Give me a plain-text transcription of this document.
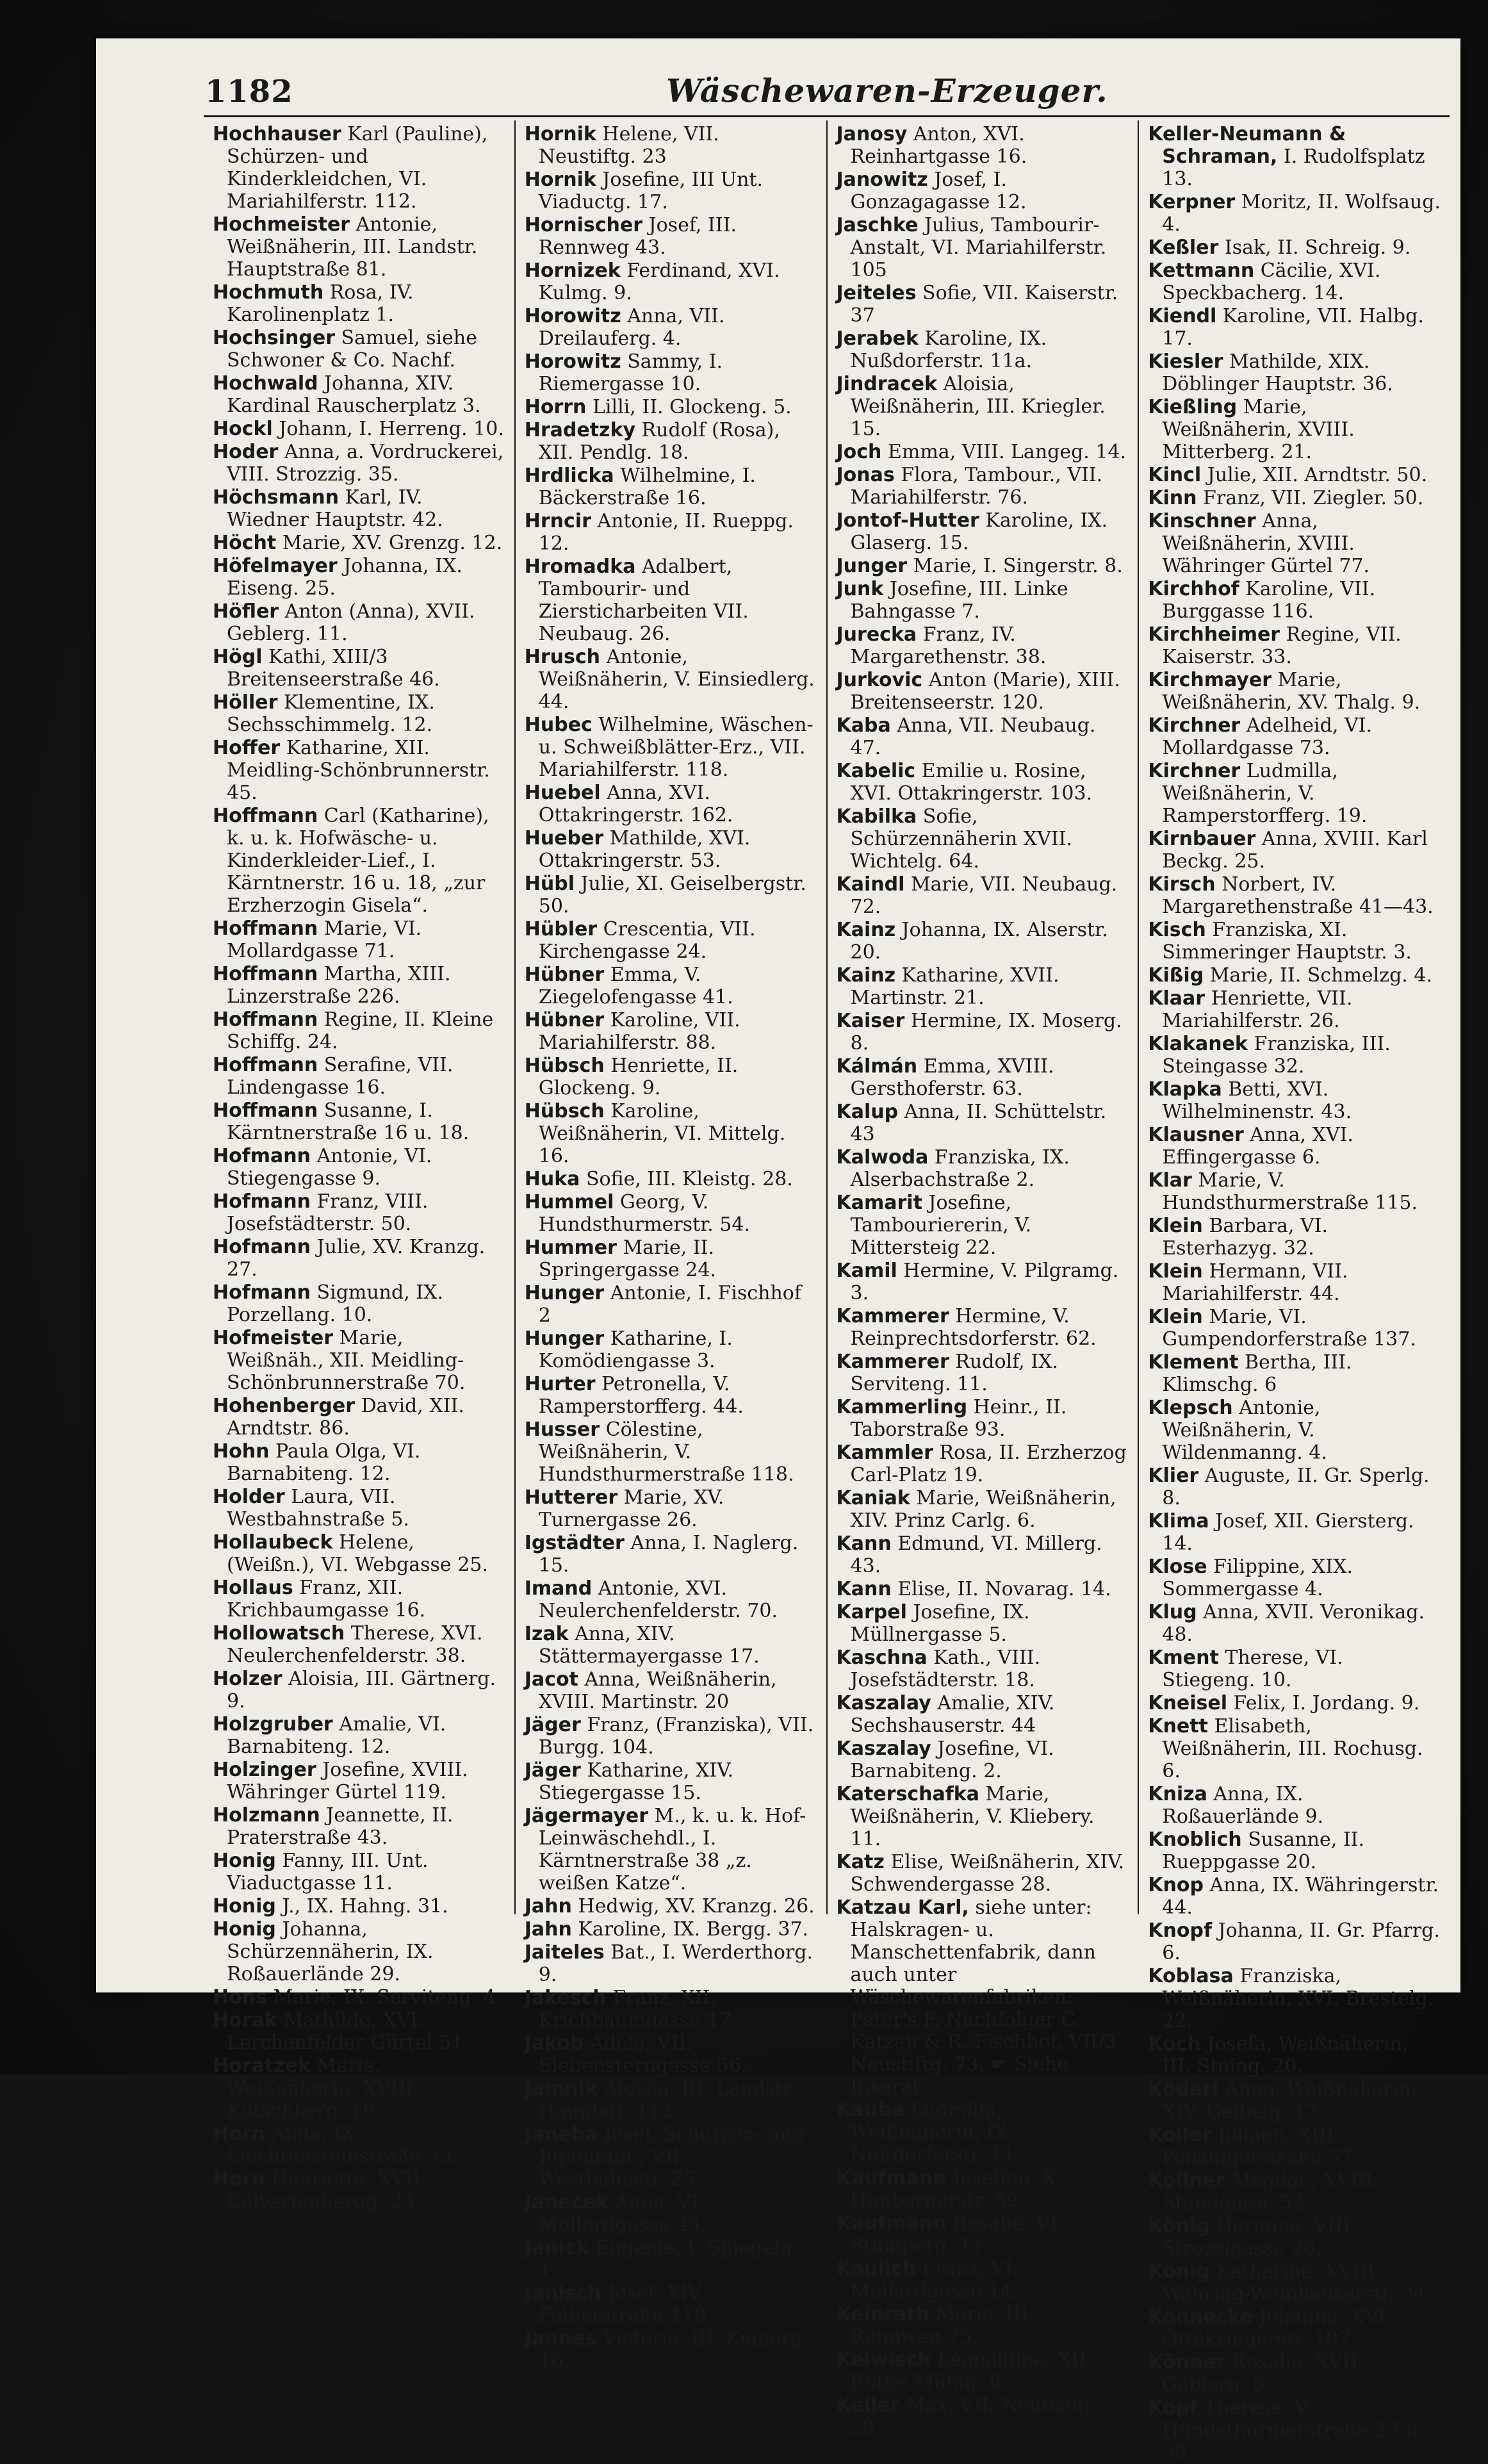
1182	Wäschewaren-Erzeuger.
Hochhauser Karl (Pauline), Schürzen- und Kinderkleidchen, VI. Mariahilferstr. 112.
Hochmeister Antonie, Weißnäherin, III. Landstr. Hauptstraße 81.
Hochmuth Rosa, IV. Karolinenplatz 1.
Hochsinger Samuel, siehe Schwoner & Co. Nachf.
Hochwald Johanna, XIV. Kardinal Rauscherplatz 3.
Hockl Johann, I. Herreng. 10.
Hoder Anna, a. Vordruckerei, VIII. Strozzig. 35.
Höchsmann Karl, IV. Wiedner Hauptstr. 42.
Höcht Marie, XV. Grenzg. 12.
Höfelmayer Johanna, IX. Eiseng. 25.
Höfler Anton (Anna), XVII. Geblerg. 11.
Högl Kathi, XIII/3 Breitenseerstraße 46.
Höller Klementine, IX. Sechsschimmelg. 12.
Hoffer Katharine, XII. Meidling-Schönbrunnerstr. 45.
Hoffmann Carl (Katharine), k. u. k. Hofwäsche- u. Kinderkleider-Lief., I. Kärntnerstr. 16 u. 18, „zur Erzherzogin Gisela“.
Hoffmann Marie, VI. Mollardgasse 71.
Hoffmann Martha, XIII. Linzerstraße 226.
Hoffmann Regine, II. Kleine Schiffg. 24.
Hoffmann Serafine, VII. Lindengasse 16.
Hoffmann Susanne, I. Kärntnerstraße 16 u. 18.
Hofmann Antonie, VI. Stiegengasse 9.
Hofmann Franz, VIII. Josefstädterstr. 50.
Hofmann Julie, XV. Kranzg. 27.
Hofmann Sigmund, IX. Porzellang. 10.
Hofmeister Marie, Weißnäh., XII. Meidling-Schönbrunnerstraße 70.
Hohenberger David, XII. Arndtstr. 86.
Hohn Paula Olga, VI. Barnabiteng. 12.
Holder Laura, VII. Westbahnstraße 5.
Hollaubeck Helene, (Weißn.), VI. Webgasse 25.
Hollaus Franz, XII. Krichbaumgasse 16.
Hollowatsch Therese, XVI. Neulerchenfelderstr. 38.
Holzer Aloisia, III. Gärtnerg. 9.
Holzgruber Amalie, VI. Barnabiteng. 12.
Holzinger Josefine, XVIII. Währinger Gürtel 119.
Holzmann Jeannette, II. Praterstraße 43.
Honig Fanny, III. Unt. Viaductgasse 11.
Honig J., IX. Hahng. 31.
Honig Johanna, Schürzennäherin, IX. Roßauerlände 29.
Hons Marie, IX. Serviteng. 4.
Horak Mathilde, XVI. Lerchenfelder Gürtel 51.
Horatzek Marie, Weißnäherin, XVIII. Kutschkerg. 19.
Horn Anna, IX. Liechtensteinstraße 33.
Horn Henriette, XVII. Calvarienbergg. 23.
Hornik Helene, VII. Neustiftg. 23
Hornik Josefine, III Unt. Viaductg. 17.
Hornischer Josef, III. Rennweg 43.
Hornizek Ferdinand, XVI. Kulmg. 9.
Horowitz Anna, VII. Dreilauferg. 4.
Horowitz Sammy, I. Riemergasse 10.
Horrn Lilli, II. Glockeng. 5.
Hradetzky Rudolf (Rosa), XII. Pendlg. 18.
Hrdlicka Wilhelmine, I. Bäckerstraße 16.
Hrncir Antonie, II. Rueppg. 12.
Hromadka Adalbert, Tambourir- und Ziersticharbeiten VII. Neubaug. 26.
Hrusch Antonie, Weißnäherin, V. Einsiedlerg. 44.
Hubec Wilhelmine, Wäschen- u. Schweißblätter-Erz., VII. Mariahilferstr. 118.
Huebel Anna, XVI. Ottakringerstr. 162.
Hueber Mathilde, XVI. Ottakringerstr. 53.
Hübl Julie, XI. Geiselbergstr. 50.
Hübler Crescentia, VII. Kirchengasse 24.
Hübner Emma, V. Ziegelofengasse 41.
Hübner Karoline, VII. Mariahilferstr. 88.
Hübsch Henriette, II. Glockeng. 9.
Hübsch Karoline, Weißnäherin, VI. Mittelg. 16.
Huka Sofie, III. Kleistg. 28.
Hummel Georg, V. Hundsthurmerstr. 54.
Hummer Marie, II. Springergasse 24.
Hunger Antonie, I. Fischhof 2
Hunger Katharine, I. Komödiengasse 3.
Hurter Petronella, V. Ramperstorfferg. 44.
Husser Cölestine, Weißnäherin, V. Hundsthurmerstraße 118.
Hutterer Marie, XV. Turnergasse 26.
Igstädter Anna, I. Naglerg. 15.
Imand Antonie, XVI. Neulerchenfelderstr. 70.
Izak Anna, XIV. Stättermayergasse 17.
Jacot Anna, Weißnäherin, XVIII. Martinstr. 20
Jäger Franz, (Franziska), VII. Burgg. 104.
Jäger Katharine, XIV. Stiegergasse 15.
Jägermayer M., k. u. k. Hof-Leinwäschehdl., I. Kärntnerstraße 38 „z. weißen Katze“.
Jahn Hedwig, XV. Kranzg. 26.
Jahn Karoline, IX. Bergg. 37.
Jaiteles Bat., I. Werderthorg. 9.
Jakesch Franz, XII. Krichbaumgasse 17.
Jakob Adele, VII. Siebensterngasse 56.
Jamnik Aloisia, III. Landstr. Hauptstr. 112.
Janeba Josef, Schürzen- und Juponfabr., VII. Westbahnstr. 25.
Janecek Anna, VI. Mollardgasse 43.
Janick Eugenie, I. Spiegelg. 1.
Janisch Josef, XIV. Felberstraße 110.
Jannes Victorie, III. Keinerg. 16.
Janosy Anton, XVI. Reinhartgasse 16.
Janowitz Josef, I. Gonzagagasse 12.
Jaschke Julius, Tambourir-Anstalt, VI. Mariahilferstr. 105
Jeiteles Sofie, VII. Kaiserstr. 37
Jerabek Karoline, IX. Nußdorferstr. 11a.
Jindracek Aloisia, Weißnäherin, III. Kriegler. 15.
Joch Emma, VIII. Langeg. 14.
Jonas Flora, Tambour., VII. Mariahilferstr. 76.
Jontof-Hutter Karoline, IX. Glaserg. 15.
Junger Marie, I. Singerstr. 8.
Junk Josefine, III. Linke Bahngasse 7.
Jurecka Franz, IV. Margarethenstr. 38.
Jurkovic Anton (Marie), XIII. Breitenseerstr. 120.
Kaba Anna, VII. Neubaug. 47.
Kabelic Emilie u. Rosine, XVI. Ottakringerstr. 103.
Kabilka Sofie, Schürzennäherin XVII. Wichtelg. 64.
Kaindl Marie, VII. Neubaug. 72.
Kainz Johanna, IX. Alserstr. 20.
Kainz Katharine, XVII. Martinstr. 21.
Kaiser Hermine, IX. Moserg. 8.
Kálmán Emma, XVIII. Gersthoferstr. 63.
Kalup Anna, II. Schüttelstr. 43
Kalwoda Franziska, IX. Alserbachstraße 2.
Kamarit Josefine, Tambouriererin, V. Mittersteig 22.
Kamil Hermine, V. Pilgramg. 3.
Kammerer Hermine, V. Reinprechtsdorferstr. 62.
Kammerer Rudolf, IX. Serviteng. 11.
Kammerling Heinr., II. Taborstraße 93.
Kammler Rosa, II. Erzherzog Carl-Platz 19.
Kaniak Marie, Weißnäherin, XIV. Prinz Carlg. 6.
Kann Edmund, VI. Millerg. 43.
Kann Elise, II. Novarag. 14.
Karpel Josefine, IX. Müllnergasse 5.
Kaschna Kath., VIII. Josefstädterstr. 18.
Kaszalay Amalie, XIV. Sechshauserstr. 44
Kaszalay Josefine, VI. Barnabiteng. 2.
Katerschafka Marie, Weißnäherin, V. Kliebery. 11.
Katz Elise, Weißnäherin, XIV. Schwendergasse 28.
Katzau Karl, siehe unter: Halskragen- u. Manschettenfabrik, dann auch unter Wäschewarenfabriken: Peter's F. Nachfolger C. Katzau & R. Fischhof, VII/3 Neustiftg. 73. ☛ Siehe Inserat.
Kauba Ludmilla, Weißnäherin, IX. Nußdorferstr. 11.
Kaufmann Josefine, X. Himbergerstr. 59.
Kaufmann Rosalie, VI. Stumperg. 11.
Kaulich Franz, VI. Mollardgasse 14.
Keinrath Marie, III. Rennweg 75.
Keiwisch Leopoldine, XII. Rothe Mühlg. 8.
Keller Max, VII. Neubaug. 29.
Keller-Neumann & Schraman, I. Rudolfsplatz 13.
Kerpner Moritz, II. Wolfsaug. 4.
Keßler Isak, II. Schreig. 9.
Kettmann Cäcilie, XVI. Speckbacherg. 14.
Kiendl Karoline, VII. Halbg. 17.
Kiesler Mathilde, XIX. Döblinger Hauptstr. 36.
Kießling Marie, Weißnäherin, XVIII. Mitterberg. 21.
Kincl Julie, XII. Arndtstr. 50.
Kinn Franz, VII. Ziegler. 50.
Kinschner Anna, Weißnäherin, XVIII. Währinger Gürtel 77.
Kirchhof Karoline, VII. Burggasse 116.
Kirchheimer Regine, VII. Kaiserstr. 33.
Kirchmayer Marie, Weißnäherin, XV. Thalg. 9.
Kirchner Adelheid, VI. Mollardgasse 73.
Kirchner Ludmilla, Weißnäherin, V. Ramperstorfferg. 19.
Kirnbauer Anna, XVIII. Karl Beckg. 25.
Kirsch Norbert, IV. Margarethenstraße 41—43.
Kisch Franziska, XI. Simmeringer Hauptstr. 3.
Kißig Marie, II. Schmelzg. 4.
Klaar Henriette, VII. Mariahilferstr. 26.
Klakanek Franziska, III. Steingasse 32.
Klapka Betti, XVI. Wilhelminenstr. 43.
Klausner Anna, XVI. Effingergasse 6.
Klar Marie, V. Hundsthurmerstraße 115.
Klein Barbara, VI. Esterhazyg. 32.
Klein Hermann, VII. Mariahilferstr. 44.
Klein Marie, VI. Gumpendorferstraße 137.
Klement Bertha, III. Klimschg. 6
Klepsch Antonie, Weißnäherin, V. Wildenmanng. 4.
Klier Auguste, II. Gr. Sperlg. 8.
Klima Josef, XII. Giersterg. 14.
Klose Filippine, XIX. Sommergasse 4.
Klug Anna, XVII. Veronikag. 48.
Kment Therese, VI. Stiegeng. 10.
Kneisel Felix, I. Jordang. 9.
Knett Elisabeth, Weißnäherin, III. Rochusg. 6.
Kniza Anna, IX. Roßauerlände 9.
Knoblich Susanne, II. Rueppgasse 20.
Knop Anna, IX. Währingerstr. 44.
Knopf Johanna, II. Gr. Pfarrg. 6.
Koblasa Franziska, Weißnäherin, XVI. Brestelg. 22.
Koch Josefa, Weißnäherin, III. Steing. 20.
Köderl Anna, Weißnäherin, XIV. Geibelg. 17.
Köller Johann, XIII. Penzingerstraße 57.
Köllner Magdal., XVIII. Staudgasse 52.
König Hermine, VIII. Strozzigasse 26.
König Katharine, XVIII. Währing-Weinhauserstr. 34.
Könnecke Johanna, XVI. Ottakringerstr. 107.
Könner Rosalie, XVII. Geblerg. 6.
Köpf Therese, V. Hundsthurmerstraße 37 u. 39.
